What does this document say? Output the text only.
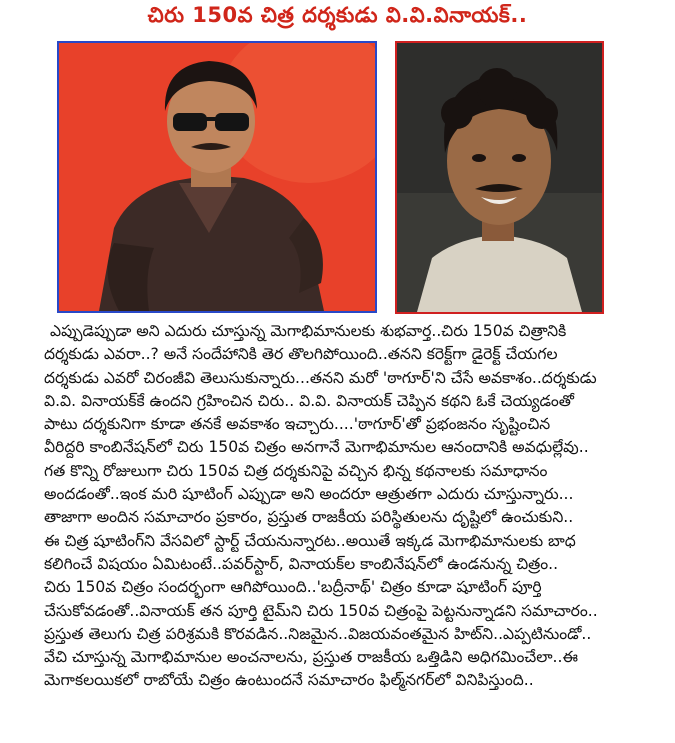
చిరు 150వ చిత్ర దర్శకుడు వి.వి.వినాయక్..
ఎప్పుడెప్పుడా అని ఎదురు చూస్తున్న మెగాభిమానులకు శుభవార్త..చిరు 150వ చిత్రానికి
దర్శకుడు ఎవరా..? అనే సందేహానికి తెర తొలగిపోయింది..తనని కరెక్ట్‌గా డైరెక్ట్ చేయగల
దర్శకుడు ఎవరో చిరంజీవి తెలుసుకున్నారు...తనని మరో 'ఠాగూర్'ని చేసే అవకాశం..దర్శకుడు
వి.వి. వినాయక్‌కే ఉందని గ్రహించిన చిరు.. వి.వి. వినాయక్ చెప్పిన కథని ఓకే చెయ్యడంతో
పాటు దర్శకునిగా కూడా తనకే అవకాశం ఇచ్చారు....'ఠాగూర్'తో ప్రభంజనం సృష్టించిన
వీరిద్దరి కాంబినేషన్‌లో చిరు 150వ చిత్రం అనగానే మెగాభిమానుల ఆనందానికి అవధుల్లేవు..
గత కొన్ని రోజులుగా చిరు 150వ చిత్ర దర్శకునిపై వచ్చిన భిన్న కథనాలకు సమాధానం
అందడంతో..ఇంక మరి షూటింగ్ ఎప్పుడా అని అందరూ ఆత్రుతగా ఎదురు చూస్తున్నారు...
తాజాగా అందిన సమాచారం ప్రకారం, ప్రస్తుత రాజకీయ పరిస్థితులను దృష్టిలో ఉంచుకుని..
ఈ చిత్ర షూటింగ్‌ని వేసవిలో స్టార్ట్ చేయనున్నారట..అయితే ఇక్కడ మెగాభిమానులకు బాధ
కలిగించే విషయం ఏమిటంటే..పవర్‌స్టార్, వినాయక్‌ల కాంబినేషన్‌లో ఉండనున్న చిత్రం..
చిరు 150వ చిత్రం సందర్భంగా ఆగిపోయింది..'బద్రీనాథ్' చిత్రం కూడా షూటింగ్ పూర్తి
చేసుకోవడంతో..వినాయక్ తన పూర్తి టైమ్‌ని చిరు 150వ చిత్రంపై పెట్టనున్నాడని సమాచారం..
ప్రస్తుత తెలుగు చిత్ర పరిశ్రమకి కొరవడిన..నిజమైన..విజయవంతమైన హిట్‌ని..ఎప్పటినుండో..
వేచి చూస్తున్న మెగాభిమానుల అంచనాలను, ప్రస్తుత రాజకీయ ఒత్తిడిని అధిగమించేలా..ఈ
మెగాకలయికలో రాబోయే చిత్రం ఉంటుందనే సమాచారం ఫిల్మ్‌నగర్‌లో వినిపిస్తుంది..
